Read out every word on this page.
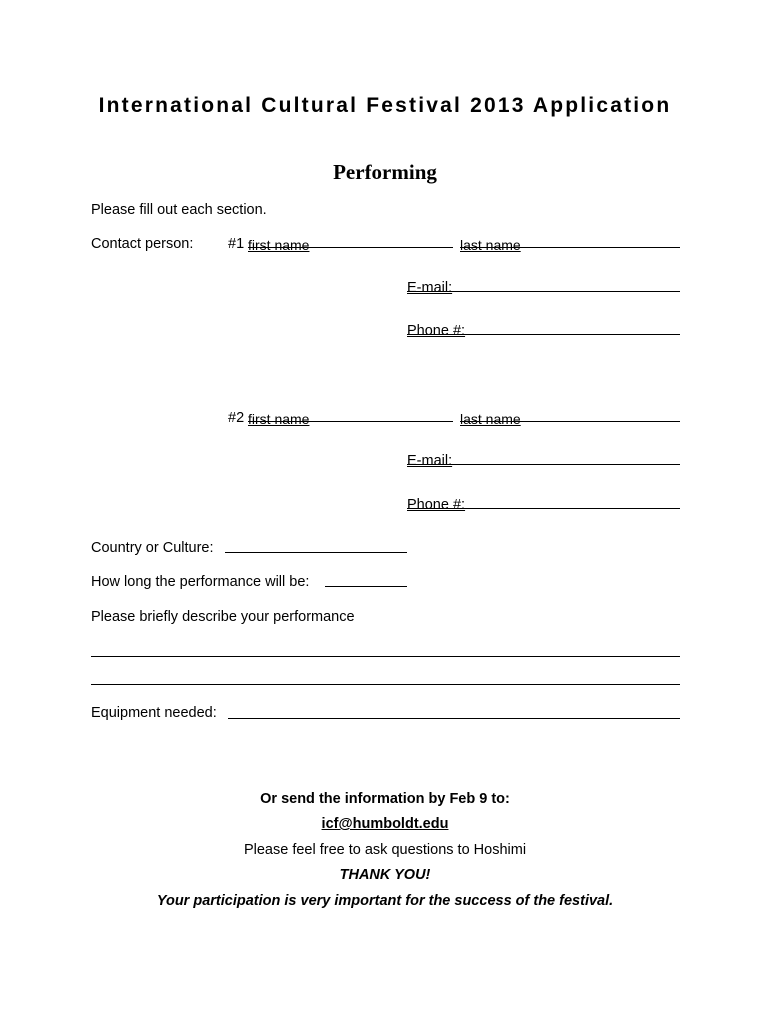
International Cultural Festival 2013 Application
Performing
Please fill out each section.
Contact person: #1 first name	last name
E-mail:
Phone #:
#2 first name	last name
E-mail:
Phone #:
Country or Culture:
How long the performance will be:
Please briefly describe your performance
Equipment needed:
Or send the information by Feb 9 to:
icf@humboldt.edu
Please feel free to ask questions to Hoshimi
THANK YOU!
Your participation is very important for the success of the festival.
